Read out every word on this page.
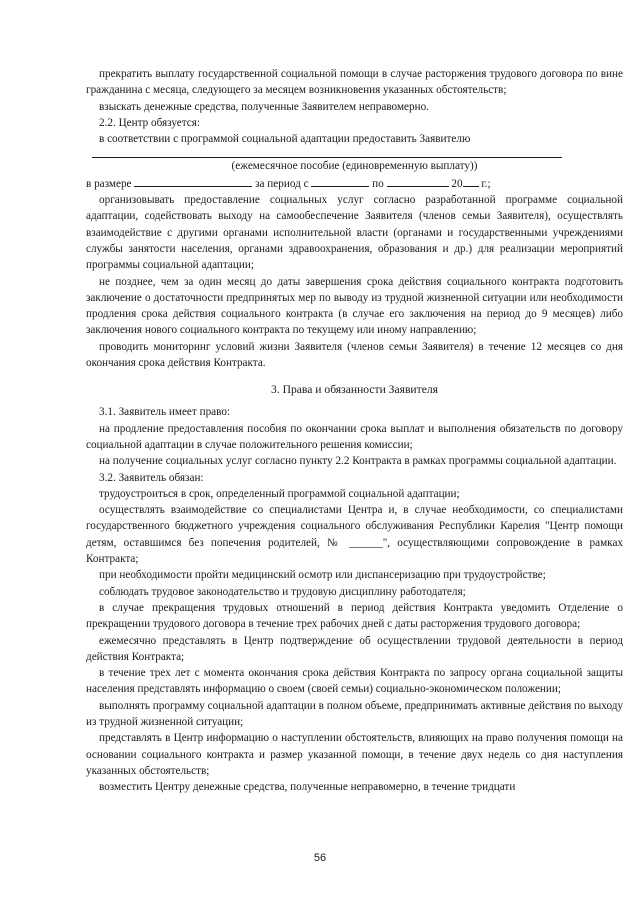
прекратить выплату государственной социальной помощи в случае расторжения трудового договора по вине гражданина с месяца, следующего за месяцем возникновения указанных обстоятельств;

взыскать денежные средства, полученные Заявителем неправомерно.

2.2. Центр обязуется:

в соответствии с программой социальной адаптации предоставить Заявителю

(ежемесячное пособие (единовременную выплату))

в размере	за период с	по	20 г.;

организовывать предоставление социальных услуг согласно разработанной программе социальной адаптации, содействовать выходу на самообеспечение Заявителя (членов семьи Заявителя), осуществлять взаимодействие с другими органами исполнительной власти (органами и государственными учреждениями службы занятости населения, органами здравоохранения, образования и др.) для реализации мероприятий программы социальной адаптации;

не позднее, чем за один месяц до даты завершения срока действия социального контракта подготовить заключение о достаточности предпринятых мер по выводу из трудной жизненной ситуации или необходимости продления срока действия социального контракта (в случае его заключения на период до 9 месяцев) либо заключения нового социального контракта по текущему или иному направлению;

проводить мониторинг условий жизни Заявителя (членов семьи Заявителя) в течение 12 месяцев со дня окончания срока действия Контракта.

3. Права и обязанности Заявителя

3.1. Заявитель имеет право:

на продление предоставления пособия по окончании срока выплат и выполнения обязательств по договору социальной адаптации в случае положительного решения комиссии;

на получение социальных услуг согласно пункту 2.2 Контракта в рамках программы социальной адаптации.

3.2. Заявитель обязан:

трудоустроиться в срок, определенный программой социальной адаптации;

осуществлять взаимодействие со специалистами Центра и, в случае необходимости, со специалистами государственного бюджетного учреждения социального обслуживания Республики Карелия "Центр помощи детям, оставшимся без попечения родителей, № ______", осуществляющими сопровождение в рамках Контракта;

при необходимости пройти медицинский осмотр или диспансеризацию при трудоустройстве;

соблюдать трудовое законодательство и трудовую дисциплину работодателя;

в случае прекращения трудовых отношений в период действия Контракта уведомить Отделение о прекращении трудового договора в течение трех рабочих дней с даты расторжения трудового договора;

ежемесячно представлять в Центр подтверждение об осуществлении трудовой деятельности в период действия Контракта;

в течение трех лет с момента окончания срока действия Контракта по запросу органа социальной защиты населения представлять информацию о своем (своей семьи) социально-экономическом положении;

выполнять программу социальной адаптации в полном объеме, предпринимать активные действия по выходу из трудной жизненной ситуации;

представлять в Центр информацию о наступлении обстоятельств, влияющих на право получения помощи на основании социального контракта и размер указанной помощи, в течение двух недель со дня наступления указанных обстоятельств;

возместить Центру денежные средства, полученные неправомерно, в течение тридцати

56
